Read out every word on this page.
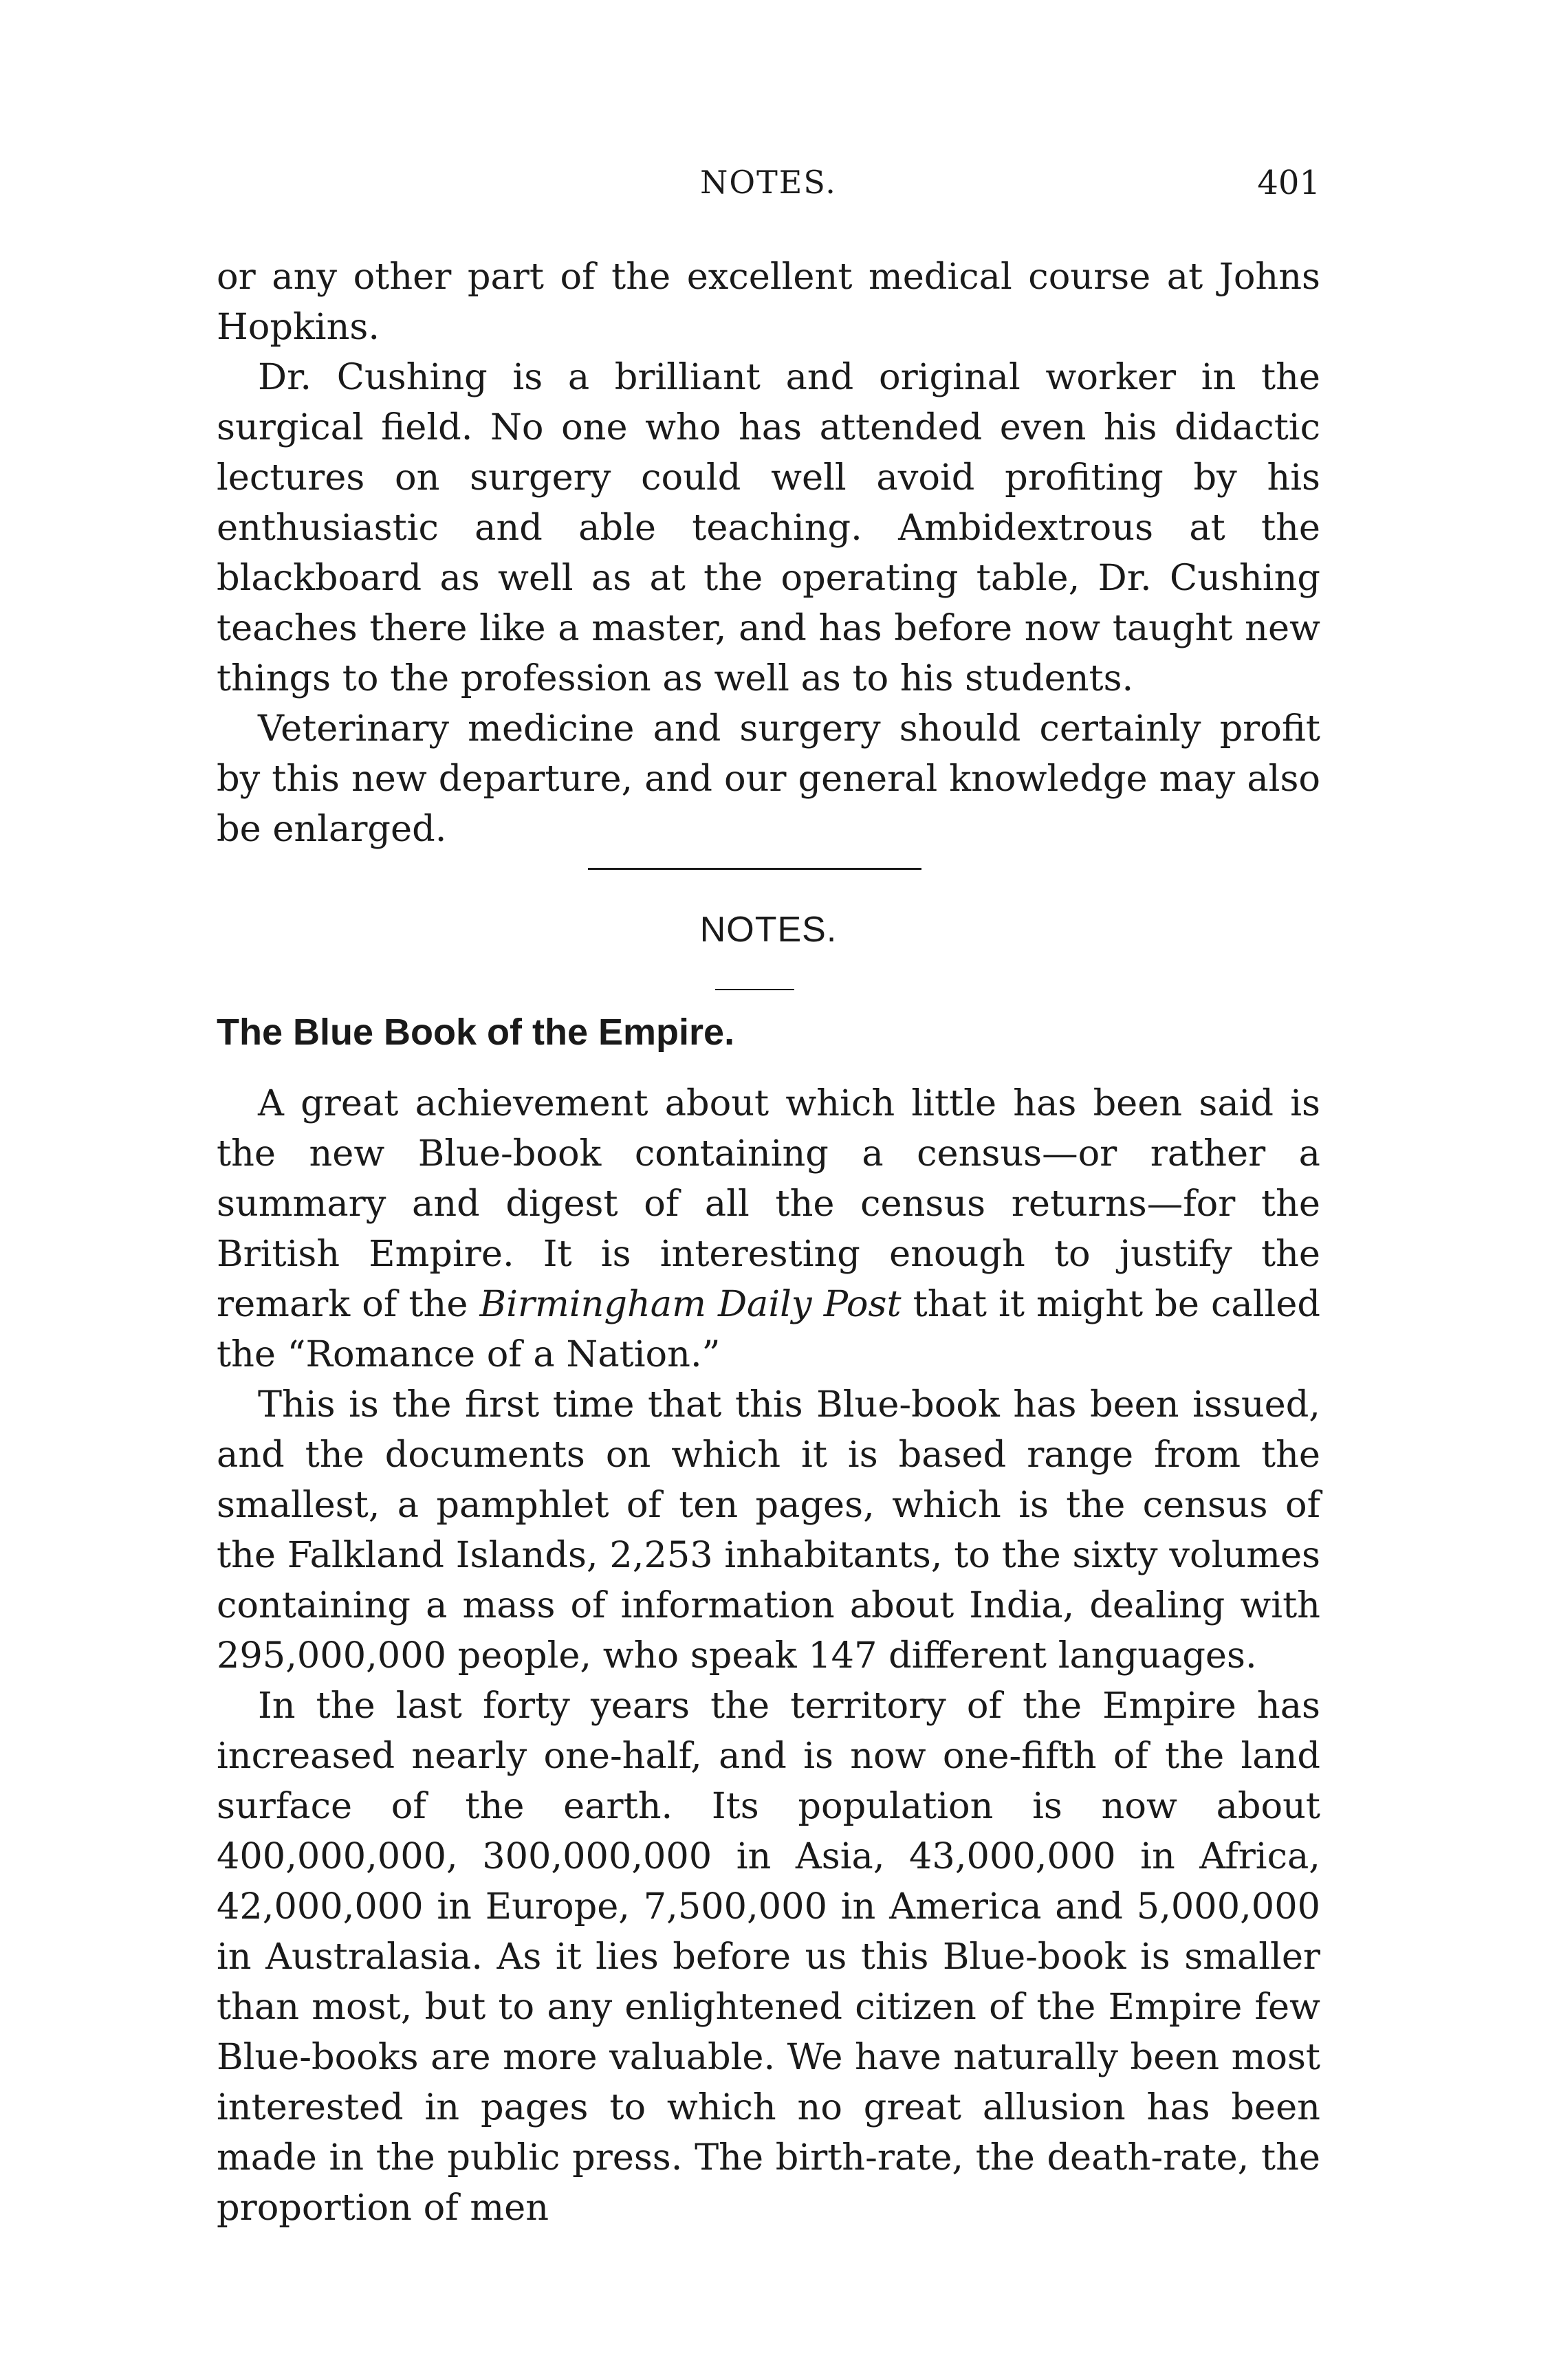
NOTES.	401

or any other part of the excellent medical course at Johns Hopkins.

Dr. Cushing is a brilliant and original worker in the surgical field. No one who has attended even his didactic lectures on surgery could well avoid profiting by his enthusiastic and able teaching. Ambidextrous at the blackboard as well as at the operating table, Dr. Cushing teaches there like a master, and has before now taught new things to the profession as well as to his students.

Veterinary medicine and surgery should certainly profit by this new departure, and our general knowledge may also be enlarged.

NOTES.
The Blue Book of the Empire.

A great achievement about which little has been said is the new Blue-book containing a census—or rather a summary and digest of all the census returns—for the British Empire. It is interesting enough to justify the remark of the Birmingham Daily Post that it might be called the “Romance of a Nation.”

This is the first time that this Blue-book has been issued, and the documents on which it is based range from the smallest, a pamphlet of ten pages, which is the census of the Falkland Islands, 2,253 inhabitants, to the sixty volumes containing a mass of information about India, dealing with 295,000,000 people, who speak 147 different languages.

In the last forty years the territory of the Empire has increased nearly one-half, and is now one-fifth of the land surface of the earth. Its population is now about 400,000,000, 300,000,000 in Asia, 43,000,000 in Africa, 42,000,000 in Europe, 7,500,000 in America and 5,000,000 in Australasia. As it lies before us this Blue-book is smaller than most, but to any enlightened citizen of the Empire few Blue-books are more valuable. We have naturally been most interested in pages to which no great allusion has been made in the public press. The birth-rate, the death-rate, the proportion of men
